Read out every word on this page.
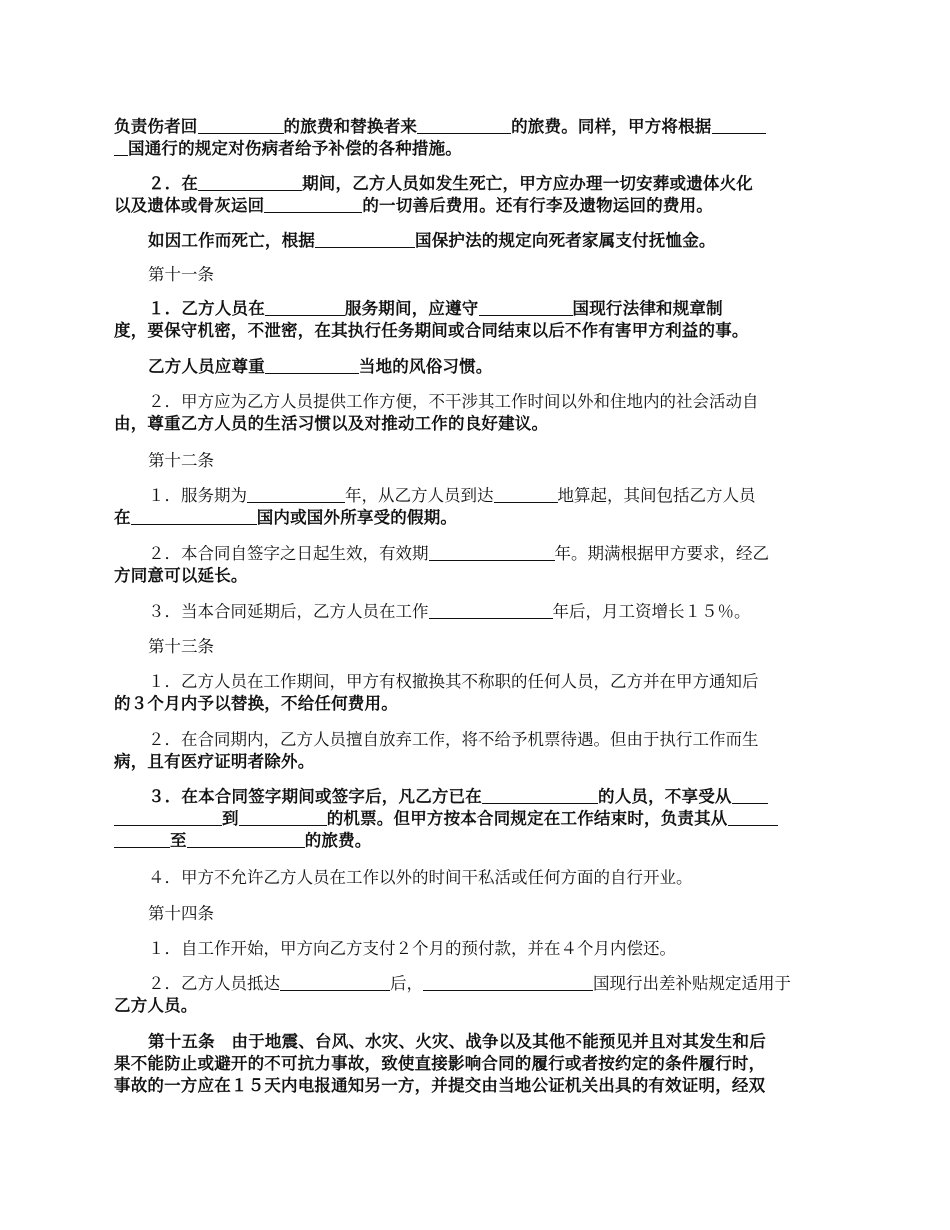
负责伤者回	的旅费和替换者来	的旅费。同样，甲方将根据
国通行的规定对伤病者给予补偿的各种措施。
２．在	期间，乙方人员如发生死亡，甲方应办理一切安葬或遗体火化
以及遗体或骨灰运回	的一切善后费用。还有行李及遗物运回的费用。
如因工作而死亡，根据	国保护法的规定向死者家属支付抚恤金。
第十一条
１．乙方人员在	服务期间，应遵守	国现行法律和规章制
度，要保守机密，不泄密，在其执行任务期间或合同结束以后不作有害甲方利益的事。
乙方人员应尊重	当地的风俗习惯。
２．甲方应为乙方人员提供工作方便，不干涉其工作时间以外和住地内的社会活动自
由，尊重乙方人员的生活习惯以及对推动工作的良好建议。
第十二条
１．服务期为	年，从乙方人员到达	地算起，其间包括乙方人员
在	国内或国外所享受的假期。
２．本合同自签字之日起生效，有效期	年。期满根据甲方要求，经乙
方同意可以延长。
３．当本合同延期后，乙方人员在工作	年后，月工资增长１５％。
第十三条
１．乙方人员在工作期间，甲方有权撤换其不称职的任何人员，乙方并在甲方通知后
的３个月内予以替换，不给任何费用。
２．在合同期内，乙方人员擅自放弃工作，将不给予机票待遇。但由于执行工作而生
病，且有医疗证明者除外。
３．在本合同签字期间或签字后，凡乙方已在	的人员，不享受从
到	的机票。但甲方按本合同规定在工作结束时，负责其从
至	的旅费。
４．甲方不允许乙方人员在工作以外的时间干私活或任何方面的自行开业。
第十四条
１．自工作开始，甲方向乙方支付２个月的预付款，并在４个月内偿还。
２．乙方人员抵达	后，	国现行出差补贴规定适用于
乙方人员。
第十五条　由于地震、台风、水灾、火灾、战争以及其他不能预见并且对其发生和后
果不能防止或避开的不可抗力事故，致使直接影响合同的履行或者按约定的条件履行时，
事故的一方应在１５天内电报通知另一方，并提交由当地公证机关出具的有效证明，经双
